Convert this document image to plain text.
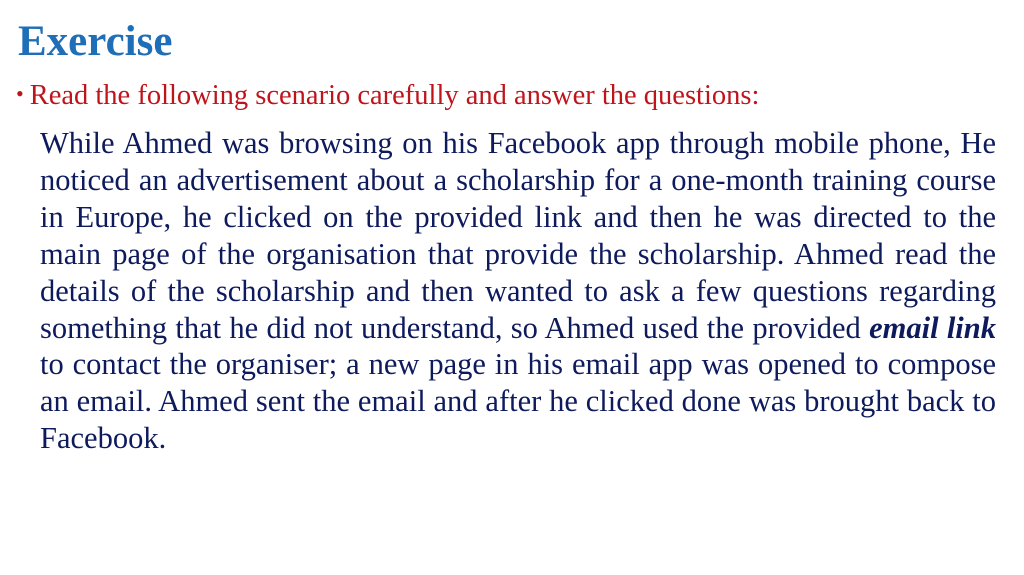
Exercise
• Read the following scenario carefully and answer the questions:

While Ahmed was browsing on his Facebook app through mobile phone, He noticed an advertisement about a scholarship for a one-month training course in Europe, he clicked on the provided link and then he was directed to the main page of the organisation that provide the scholarship. Ahmed read the details of the scholarship and then wanted to ask a few questions regarding something that he did not understand, so Ahmed used the provided email link to contact the organiser; a new page in his email app was opened to compose an email. Ahmed sent the email and after he clicked done was brought back to Facebook.
